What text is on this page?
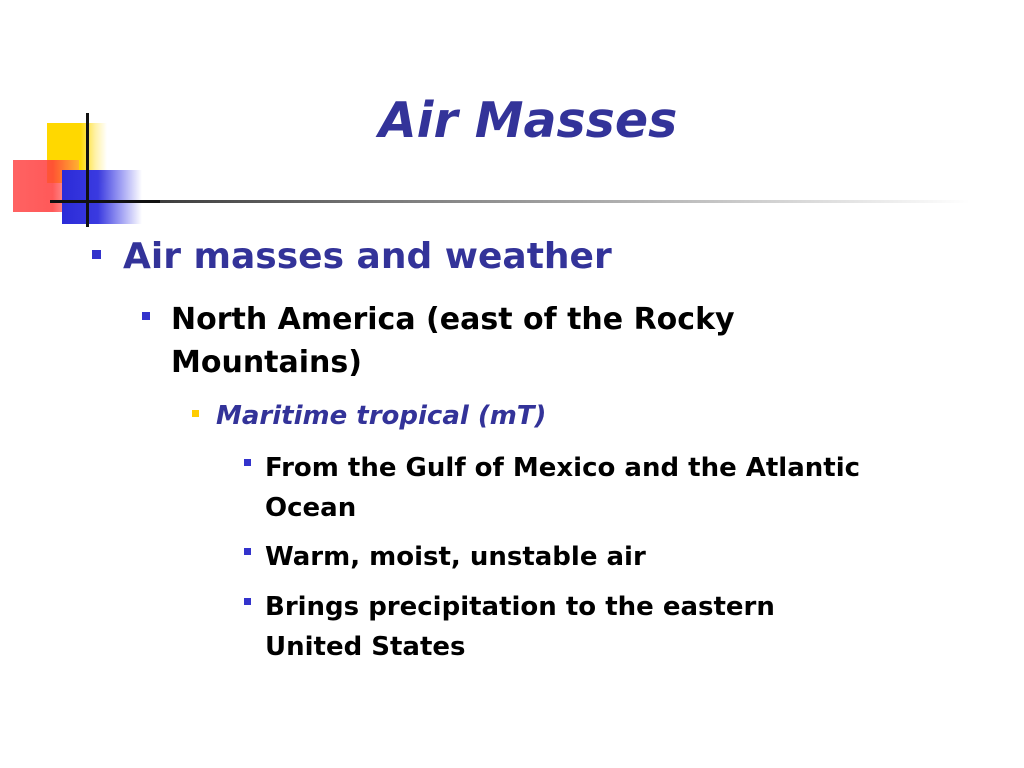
Air Masses
Air masses and weather
North America (east of the Rocky Mountains)
Maritime tropical (mT)
From the Gulf of Mexico and the Atlantic Ocean
Warm, moist, unstable air
Brings precipitation to the eastern United States
